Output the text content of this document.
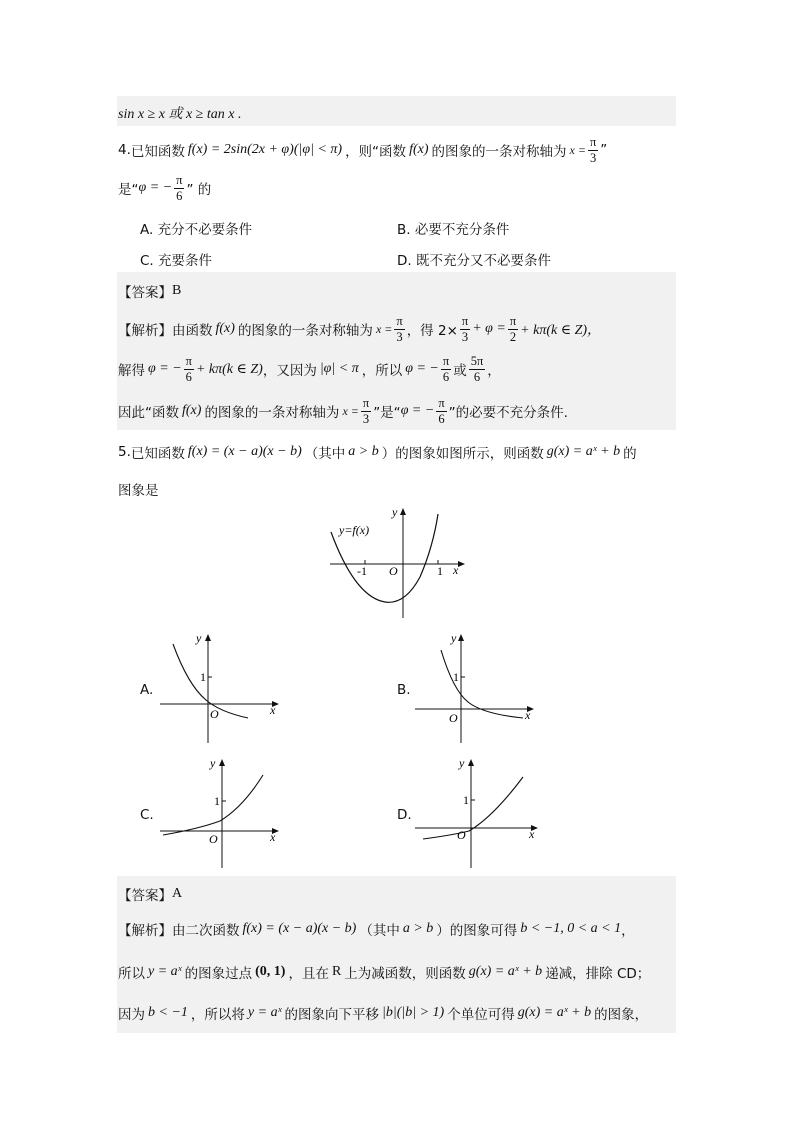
sin x ≥ x 或 x ≥ tan x .
4. 已知函数 f(x) = 2sin(2x + φ)(|φ| < π) ，则“函数 f(x) 的图象的一条对称轴为 $x = \frac{\pi}{3}$ ”
是“ φ = − $\frac{\pi}{6}$ ” 的
A. 充分不必要条件	B. 必要不充分条件
C. 充要条件	D. 既不充分又不必要条件
【答案】 B
【解析】 由函数 f(x) 的图象的一条对称轴为 $x = \frac{\pi}{3}$ ，得 $2\times \frac{\pi}{3} + \varphi = \frac{\pi}{2} + k\pi(k$ ∈ Z)，
解得 φ = − $\frac{\pi}{6} + k\pi(k$ ∈ Z) ，又因为 |φ| < π ，所以 φ = − $\frac{\pi}{6}$ 或 $\frac{5\pi}{6}$ ，
因此“函数 f(x) 的图象的一条对称轴为 $x = \frac{\pi}{3}$ ”是“ φ = − $\frac{\pi}{6}$ ”的必要不充分条件.
5. 已知函数 f(x) = (x − a)(x − b) （其中 a > b ）的图象如图所示，则函数 g(x) = aˣ + b 的
图象是
y=f(x)
x
y
O
-1	1
A.
y
x
O
1
B.
y
x
O
1
C.
y
x
O
1
D.
y
x
O
1
【答案】 A
【解析】 由二次函数 f(x) = (x − a)(x − b) （其中 a > b ）的图象可得 b < −1, 0 < a < 1 ，
所以 y = aˣ 的图象过点 (0, 1) ，且在 R 上为减函数，则函数 g(x) = aˣ + b 递减，排除 CD；
因为 b < −1 ，所以将 y = aˣ 的图象向下平移 |b|(|b| > 1) 个单位可得 g(x) = aˣ + b 的图象，
